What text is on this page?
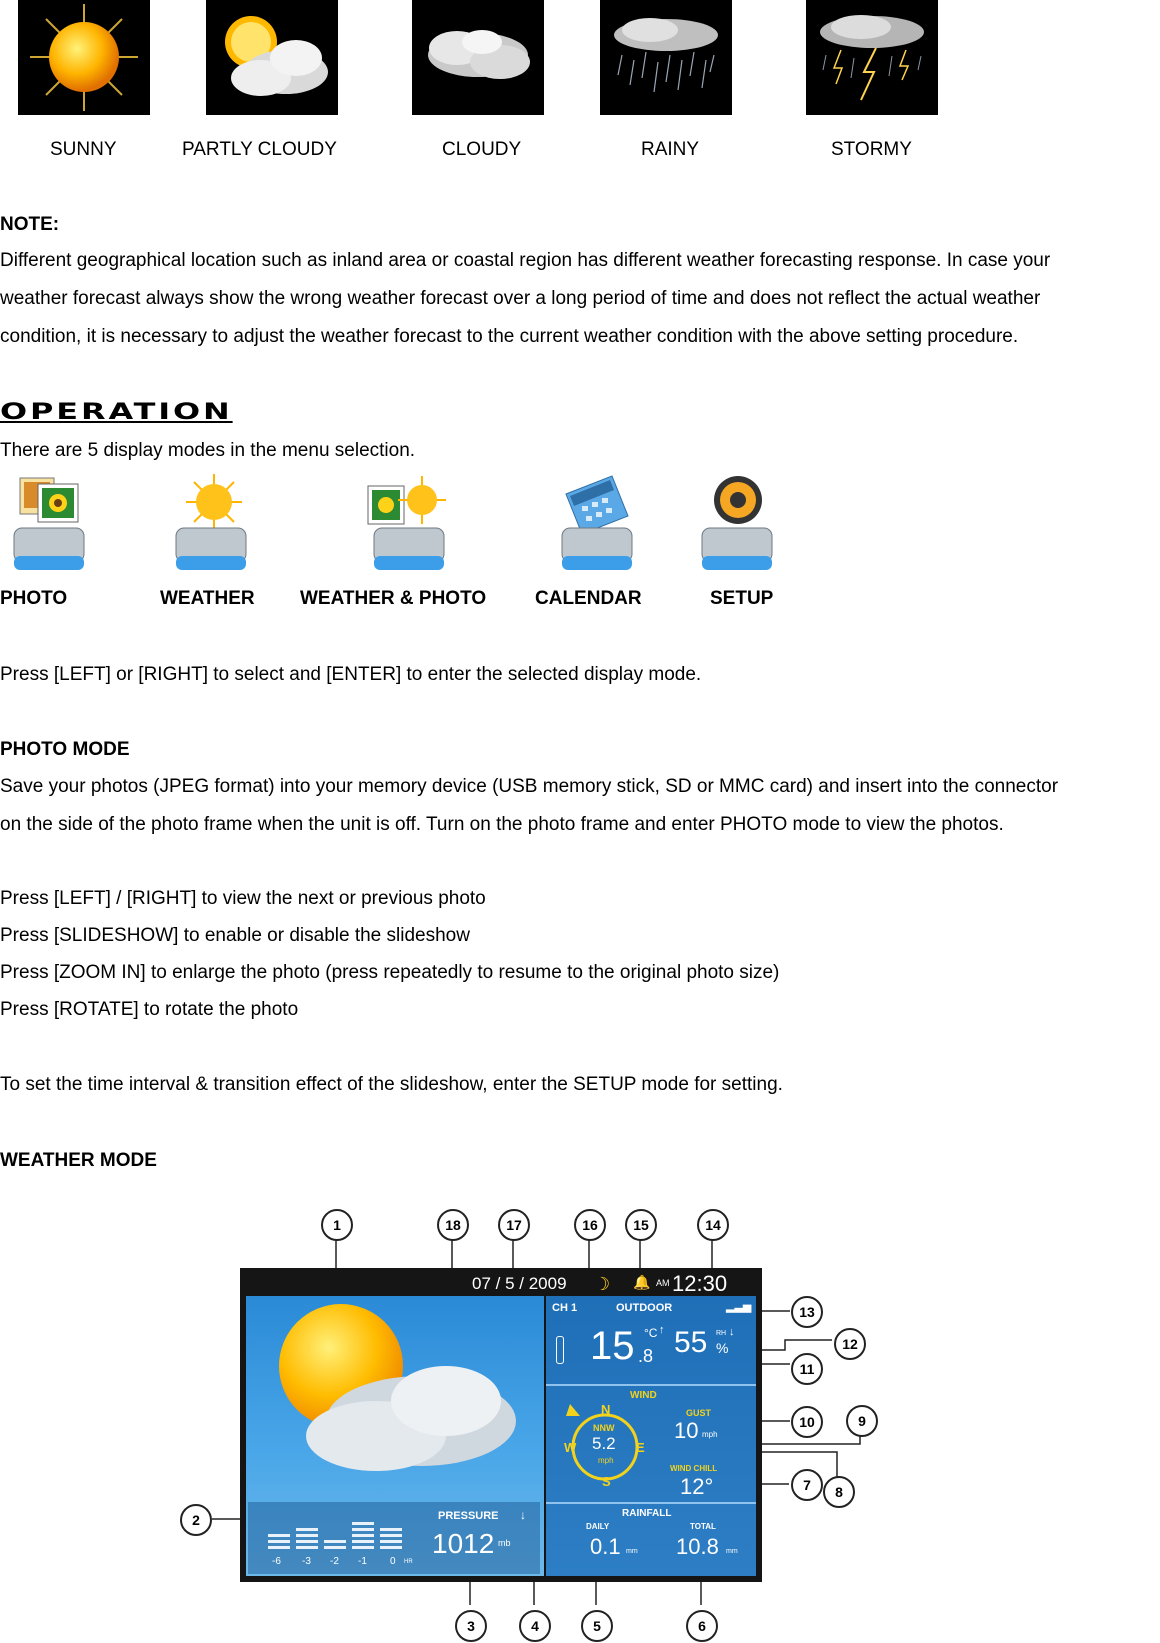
SUNNY	PARTLY CLOUDY	CLOUDY	RAINY	STORMY
NOTE:
Different geographical location such as inland area or coastal region has different weather forecasting response. In case your
weather forecast always show the wrong weather forecast over a long period of time and does not reflect the actual weather
condition, it is necessary to adjust the weather forecast to the current weather condition with the above setting procedure.
OPERATION
There are 5 display modes in the menu selection.
PHOTO	WEATHER WEATHER & PHOTO	CALENDAR	SETUP
Press [LEFT] or [RIGHT] to select and [ENTER] to enter the selected display mode.
PHOTO MODE
Save your photos (JPEG format) into your memory device (USB memory stick, SD or MMC card) and insert into the connector
on the side of the photo frame when the unit is off. Turn on the photo frame and enter PHOTO mode to view the photos.
Press [LEFT] / [RIGHT] to view the next or previous photo
Press [SLIDESHOW] to enable or disable the slideshow
Press [ZOOM IN] to enlarge the photo (press repeatedly to resume to the original photo size)
Press [ROTATE] to rotate the photo
To set the time interval & transition effect of the slideshow, enter the SETUP mode for setting.
WEATHER MODE
07 / 5 / 2009 ☽ 🔔 AM 12:30
-6 -3 -2 -1 0 HR
PRESSURE ↓
1012 mb
CH 1	OUTDOOR	▂▃▅
15 .8
°C ↑ 55 RH ↓
%
WIND
N
S
W	E
NNW
5.2
mph
GUST
10 mph
WIND CHILL
12°
RAINFALL
DAILY	TOTAL
0.1 mm 10.8 mm
1
2
3	4	5	6
7	8
9
10
11
12
13
14
15
16
17
18
